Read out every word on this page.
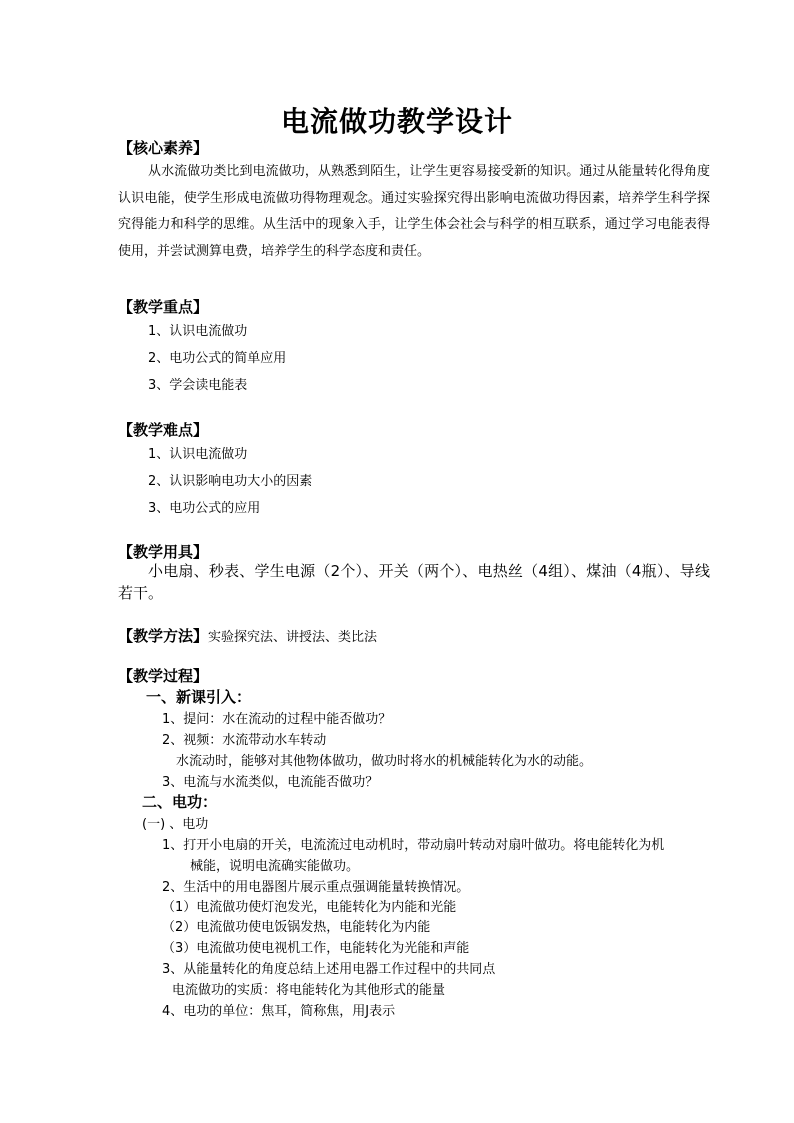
电流做功教学设计
【核心素养】
从水流做功类比到电流做功，从熟悉到陌生，让学生更容易接受新的知识。通过从能量转化得角度认识电能，使学生形成电流做功得物理观念。通过实验探究得出影响电流做功得因素，培养学生科学探究得能力和科学的思维。从生活中的现象入手，让学生体会社会与科学的相互联系，通过学习电能表得使用，并尝试测算电费，培养学生的科学态度和责任。
【教学重点】
1、认识电流做功
2、电功公式的简单应用
3、学会读电能表
【教学难点】
1、认识电流做功
2、认识影响电功大小的因素
3、电功公式的应用
【教学用具】
小电扇、秒表、学生电源（2个）、开关（两个）、电热丝（4组）、煤油（4瓶）、导线若干。
【教学方法】实验探究法、讲授法、类比法
【教学过程】
一、新课引入：
1、提问：水在流动的过程中能否做功？
2、视频：水流带动水车转动
水流动时，能够对其他物体做功，做功时将水的机械能转化为水的动能。
3、电流与水流类似，电流能否做功？
二、电功：
(一) 、电功
1、打开小电扇的开关，电流流过电动机时，带动扇叶转动对扇叶做功。将电能转化为机
械能，说明电流确实能做功。
2、生活中的用电器图片展示重点强调能量转换情况。
（1）电流做功使灯泡发光，电能转化为内能和光能
（2）电流做功使电饭锅发热，电能转化为内能
（3）电流做功使电视机工作，电能转化为光能和声能
3、从能量转化的角度总结上述用电器工作过程中的共同点
电流做功的实质：将电能转化为其他形式的能量
4、电功的单位：焦耳，简称焦，用J表示
